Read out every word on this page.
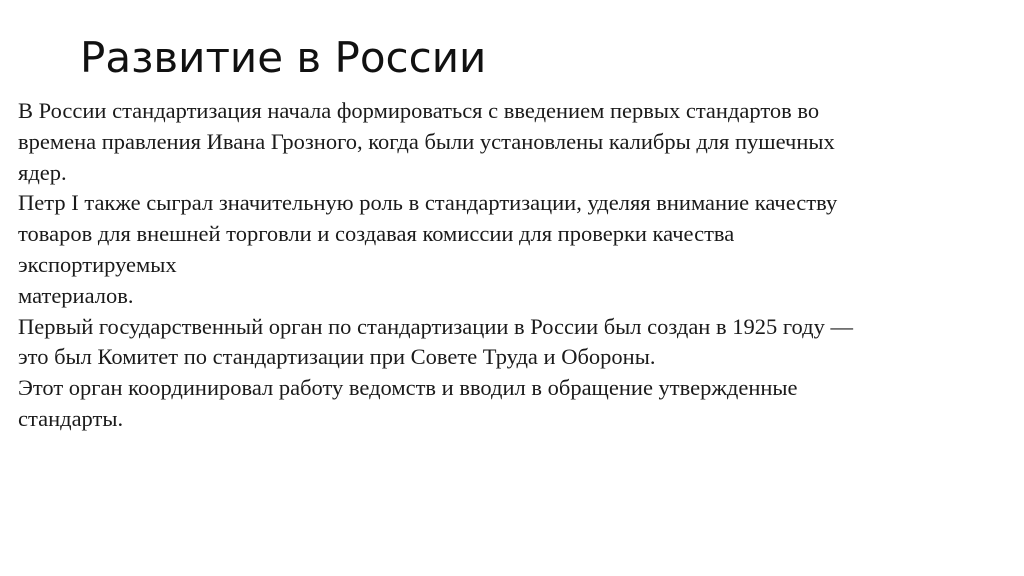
Развитие в России
В России стандартизация начала формироваться с введением первых стандартов во
времена правления Ивана Грозного, когда были установлены калибры для пушечных
ядер.
Петр I также сыграл значительную роль в стандартизации, уделяя внимание качеству
товаров для внешней торговли и создавая комиссии для проверки качества
экспортируемых
материалов.
Первый государственный орган по стандартизации в России был создан в 1925 году —
это был Комитет по стандартизации при Совете Труда и Обороны.
Этот орган координировал работу ведомств и вводил в обращение утвержденные
стандарты.
